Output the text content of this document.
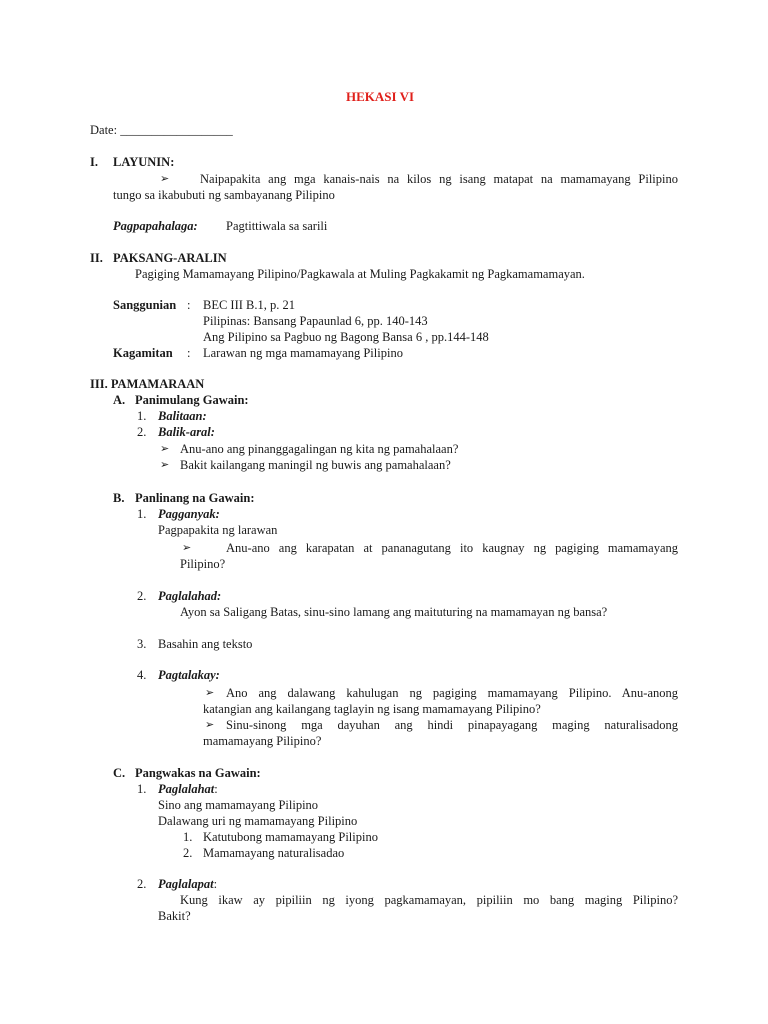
HEKASI VI
Date: __________________
I. LAYUNIN:
➢ Naipapakita ang mga kanais-nais na kilos ng isang matapat na mamamayang Pilipino
tungo sa ikabubuti ng sambayanang Pilipino
Pagpapahalaga: Pagtittiwala sa sarili
II. PAKSANG-ARALIN
Pagiging Mamamayang Pilipino/Pagkawala at Muling Pagkakamit ng Pagkamamamayan.
Sanggunian : BEC III B.1, p. 21
Pilipinas: Bansang Papaunlad 6, pp. 140-143
Ang Pilipino sa Pagbuo ng Bagong Bansa 6 , pp.144-148
Kagamitan : Larawan ng mga mamamayang Pilipino
III. PAMAMARAAN
A. Panimulang Gawain:
1. Balitaan:
2. Balik-aral:
➢ Anu-ano ang pinanggagalingan ng kita ng pamahalaan?
➢ Bakit kailangang maningil ng buwis ang pamahalaan?
B. Panlinang na Gawain:
1. Pagganyak:
Pagpapakita ng larawan
➢	Anu-ano ang karapatan at pananagutang ito kaugnay ng pagiging mamamayang
Pilipino?
2. Paglalahad:
Ayon sa Saligang Batas, sinu-sino lamang ang maituturing na mamamayan ng bansa?
3. Basahin ang teksto
4. Pagtalakay:
➢ Ano ang dalawang kahulugan ng pagiging mamamayang Pilipino. Anu-anong
katangian ang kailangang taglayin ng isang mamamayang Pilipino?
➢ Sinu-sinong mga dayuhan ang hindi pinapayagang maging naturalisadong
mamamayang Pilipino?
C. Pangwakas na Gawain:
1. Paglalahat:
Sino ang mamamayang Pilipino
Dalawang uri ng mamamayang Pilipino
1. Katutubong mamamayang Pilipino
2. Mamamayang naturalisadao
2. Paglalapat:
Kung ikaw ay pipiliin ng iyong pagkamamayan, pipiliin mo bang maging Pilipino?
Bakit?
